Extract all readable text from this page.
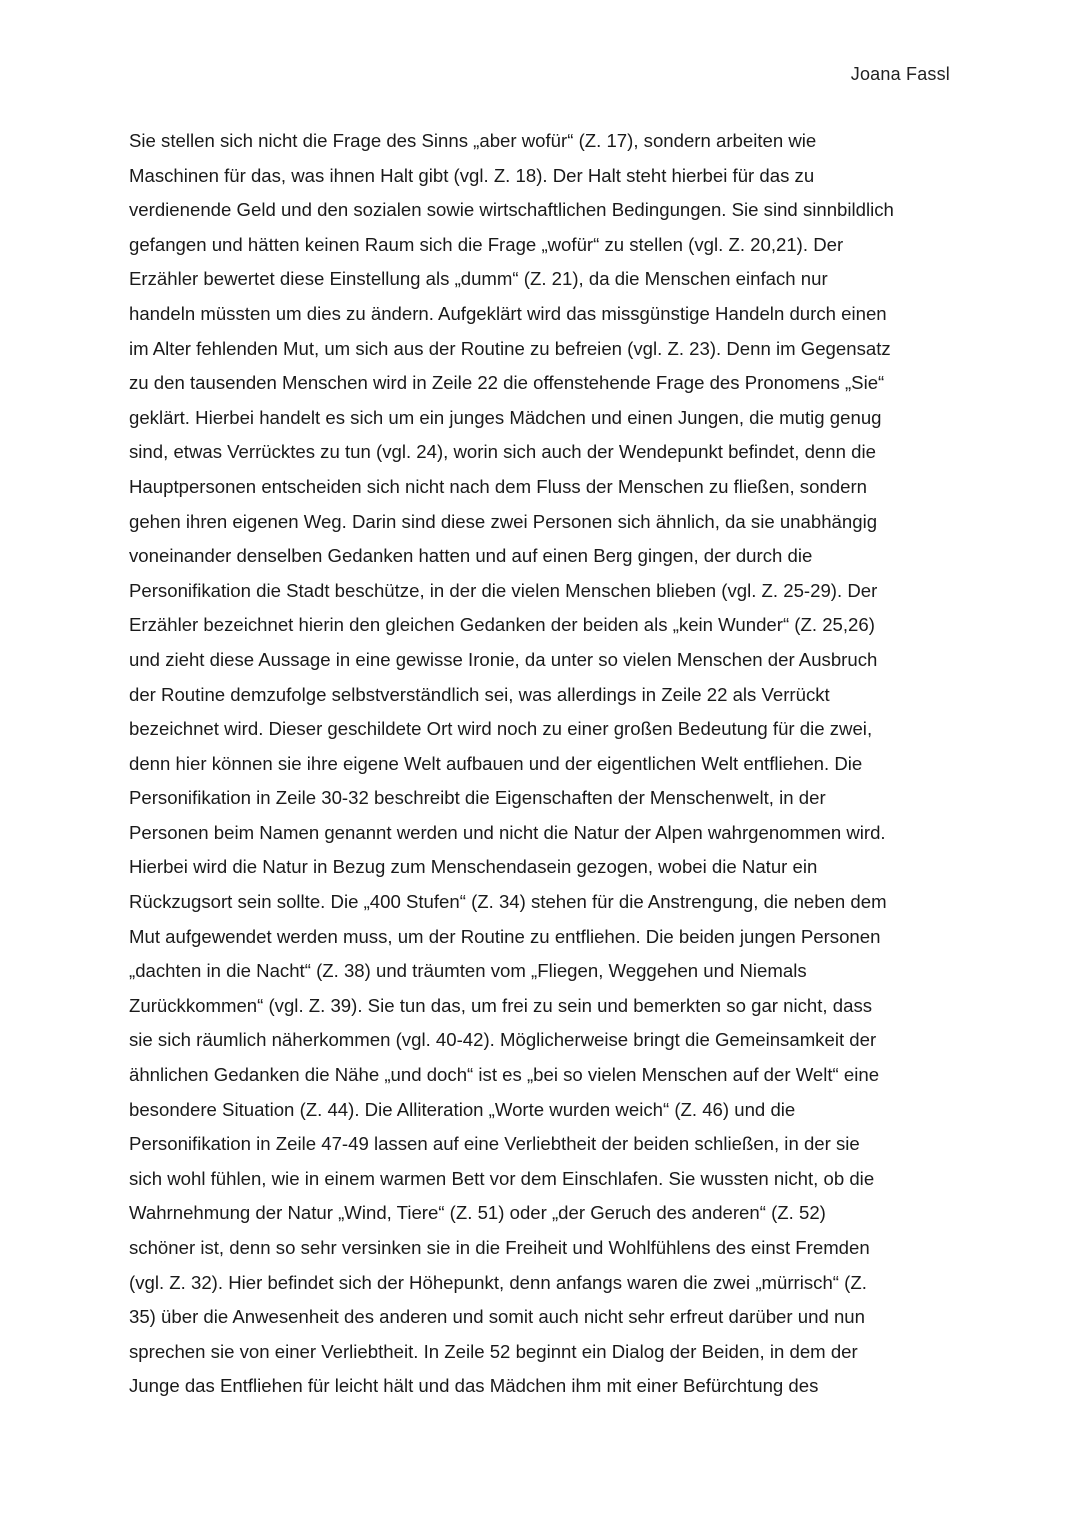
Joana Fassl
Sie stellen sich nicht die Frage des Sinns „aber wofür“ (Z. 17), sondern arbeiten wie
Maschinen für das, was ihnen Halt gibt (vgl. Z. 18). Der Halt steht hierbei für das zu
verdienende Geld und den sozialen sowie wirtschaftlichen Bedingungen. Sie sind sinnbildlich
gefangen und hätten keinen Raum sich die Frage „wofür“ zu stellen (vgl. Z. 20,21). Der
Erzähler bewertet diese Einstellung als „dumm“ (Z. 21), da die Menschen einfach nur
handeln müssten um dies zu ändern. Aufgeklärt wird das missgünstige Handeln durch einen
im Alter fehlenden Mut, um sich aus der Routine zu befreien (vgl. Z. 23). Denn im Gegensatz
zu den tausenden Menschen wird in Zeile 22 die offenstehende Frage des Pronomens „Sie“
geklärt. Hierbei handelt es sich um ein junges Mädchen und einen Jungen, die mutig genug
sind, etwas Verrücktes zu tun (vgl. 24), worin sich auch der Wendepunkt befindet, denn die
Hauptpersonen entscheiden sich nicht nach dem Fluss der Menschen zu fließen, sondern
gehen ihren eigenen Weg. Darin sind diese zwei Personen sich ähnlich, da sie unabhängig
voneinander denselben Gedanken hatten und auf einen Berg gingen, der durch die
Personifikation die Stadt beschütze, in der die vielen Menschen blieben (vgl. Z. 25-29). Der
Erzähler bezeichnet hierin den gleichen Gedanken der beiden als „kein Wunder“ (Z. 25,26)
und zieht diese Aussage in eine gewisse Ironie, da unter so vielen Menschen der Ausbruch
der Routine demzufolge selbstverständlich sei, was allerdings in Zeile 22 als Verrückt
bezeichnet wird. Dieser geschildete Ort wird noch zu einer großen Bedeutung für die zwei,
denn hier können sie ihre eigene Welt aufbauen und der eigentlichen Welt entfliehen. Die
Personifikation in Zeile 30-32 beschreibt die Eigenschaften der Menschenwelt, in der
Personen beim Namen genannt werden und nicht die Natur der Alpen wahrgenommen wird.
Hierbei wird die Natur in Bezug zum Menschendasein gezogen, wobei die Natur ein
Rückzugsort sein sollte. Die „400 Stufen“ (Z. 34) stehen für die Anstrengung, die neben dem
Mut aufgewendet werden muss, um der Routine zu entfliehen. Die beiden jungen Personen
„dachten in die Nacht“ (Z. 38) und träumten vom „Fliegen, Weggehen und Niemals
Zurückkommen“ (vgl. Z. 39). Sie tun das, um frei zu sein und bemerkten so gar nicht, dass
sie sich räumlich näherkommen (vgl. 40-42). Möglicherweise bringt die Gemeinsamkeit der
ähnlichen Gedanken die Nähe „und doch“ ist es „bei so vielen Menschen auf der Welt“ eine
besondere Situation (Z. 44). Die Alliteration „Worte wurden weich“ (Z. 46) und die
Personifikation in Zeile 47-49 lassen auf eine Verliebtheit der beiden schließen, in der sie
sich wohl fühlen, wie in einem warmen Bett vor dem Einschlafen. Sie wussten nicht, ob die
Wahrnehmung der Natur „Wind, Tiere“ (Z. 51) oder „der Geruch des anderen“ (Z. 52)
schöner ist, denn so sehr versinken sie in die Freiheit und Wohlfühlens des einst Fremden
(vgl. Z. 32). Hier befindet sich der Höhepunkt, denn anfangs waren die zwei „mürrisch“ (Z.
35) über die Anwesenheit des anderen und somit auch nicht sehr erfreut darüber und nun
sprechen sie von einer Verliebtheit. In Zeile 52 beginnt ein Dialog der Beiden, in dem der
Junge das Entfliehen für leicht hält und das Mädchen ihm mit einer Befürchtung des
